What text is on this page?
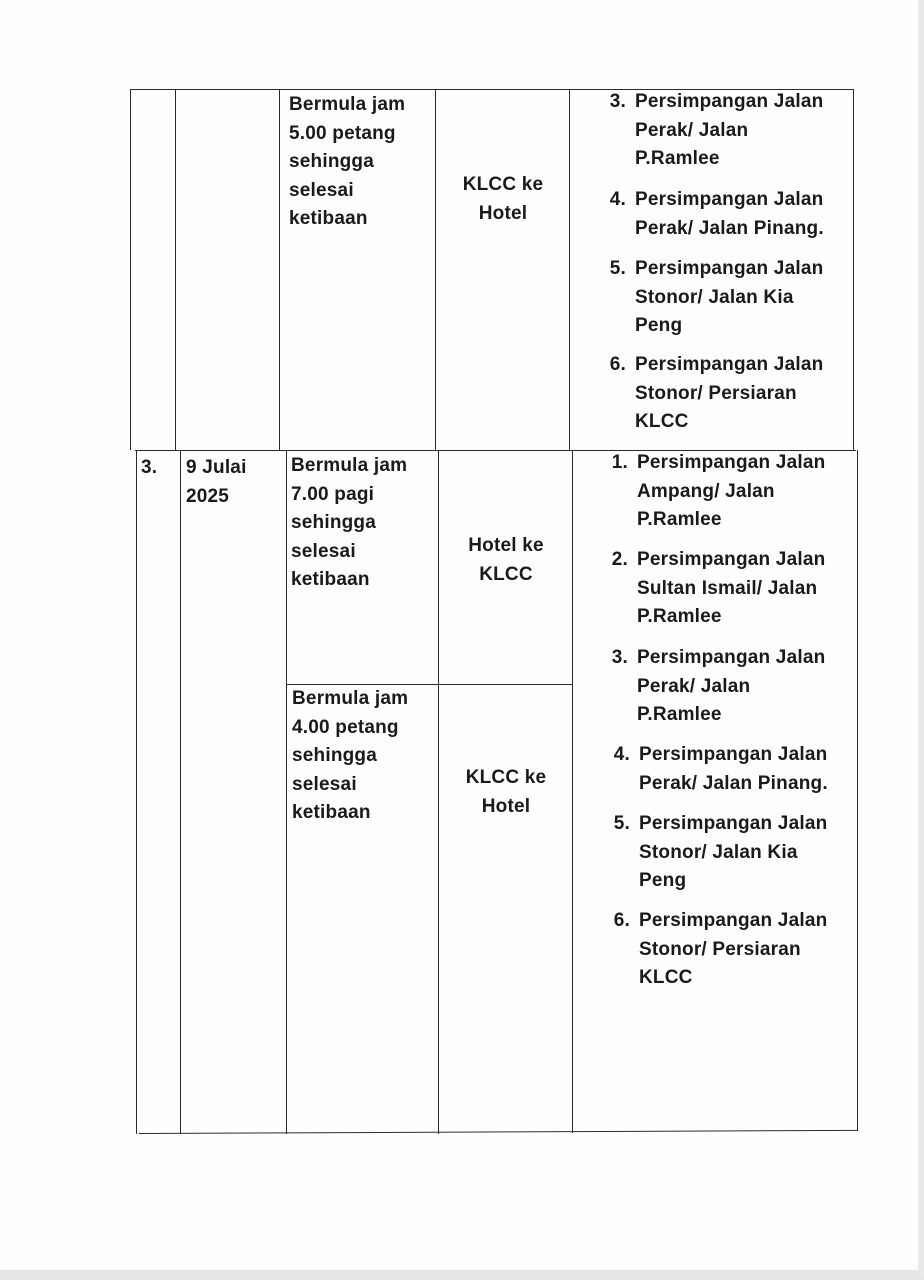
Bermula jam
5.00 petang
sehingga
selesai
ketibaan
KLCC ke
Hotel
3. Persimpangan Jalan
Perak/ Jalan
P.Ramlee
4. Persimpangan Jalan
Perak/ Jalan Pinang.
5. Persimpangan Jalan
Stonor/ Jalan Kia
Peng
6. Persimpangan Jalan
Stonor/ Persiaran
KLCC
3.	9 Julai
2025
Bermula jam
7.00 pagi
sehingga
selesai
ketibaan
Hotel ke
KLCC
Bermula jam
4.00 petang
sehingga
selesai
ketibaan
KLCC ke
Hotel
1. Persimpangan Jalan
Ampang/ Jalan
P.Ramlee
2. Persimpangan Jalan
Sultan Ismail/ Jalan
P.Ramlee
3. Persimpangan Jalan
Perak/ Jalan
P.Ramlee
4. Persimpangan Jalan
Perak/ Jalan Pinang.
5. Persimpangan Jalan
Stonor/ Jalan Kia
Peng
6. Persimpangan Jalan
Stonor/ Persiaran
KLCC
